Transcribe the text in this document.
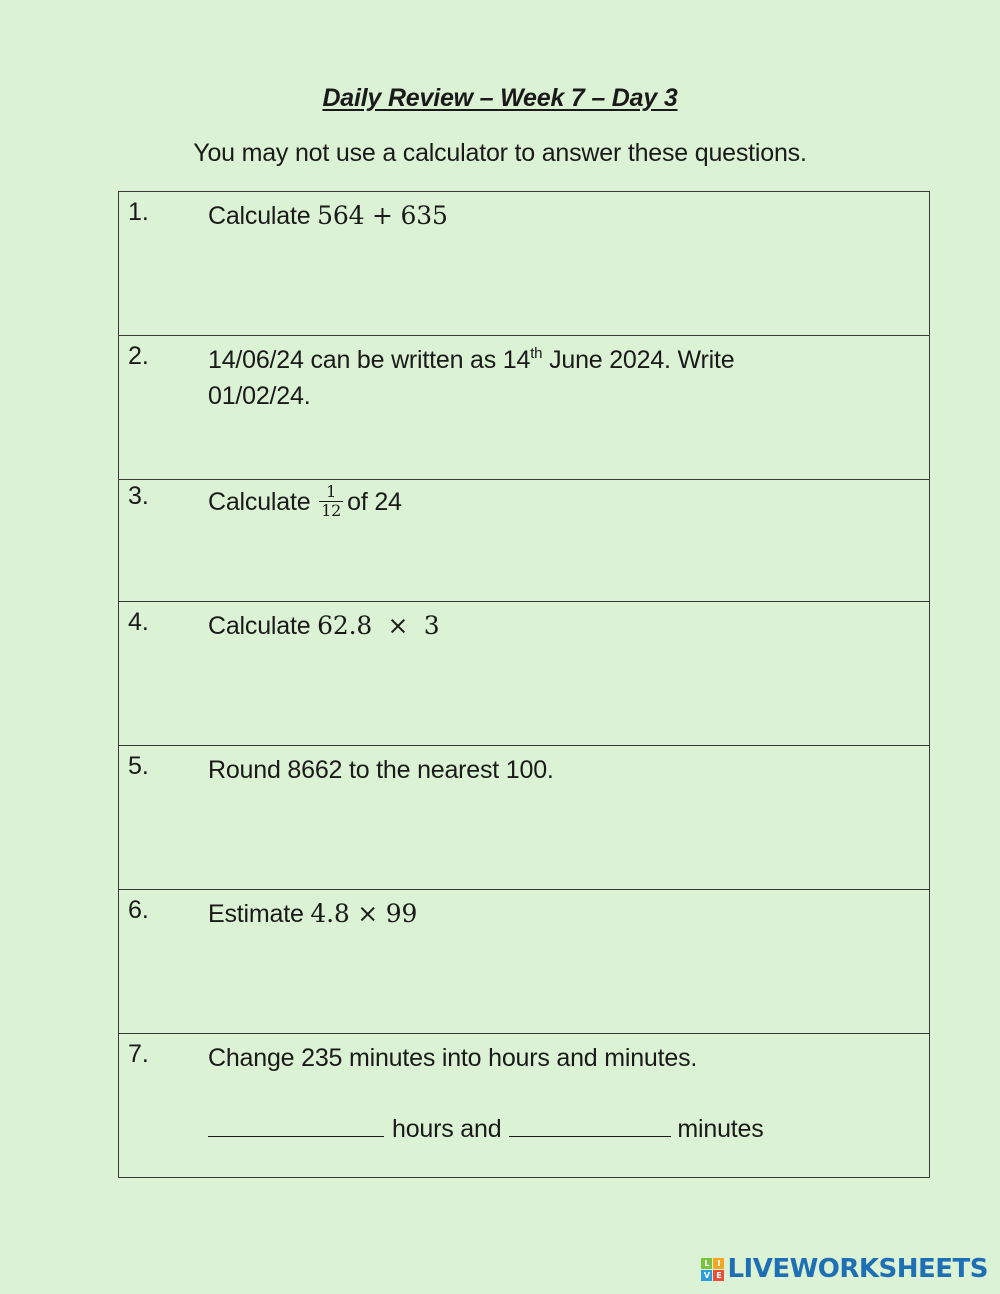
Daily Review – Week 7 – Day 3
You may not use a calculator to answer these questions.
1. Calculate 564 + 635

2. 14/06/24 can be written as 14th June 2024. Write
01/02/24.

3. Calculate $\frac{1}{12}$ of 24

4. Calculate 62.8  ×  3

5. Round 8662 to the nearest 100.

6. Estimate 4.8 × 99

7. Change 235 minutes into hours and minutes.
hours and	minutes
L I
V E LIVEWORKSHEETS
